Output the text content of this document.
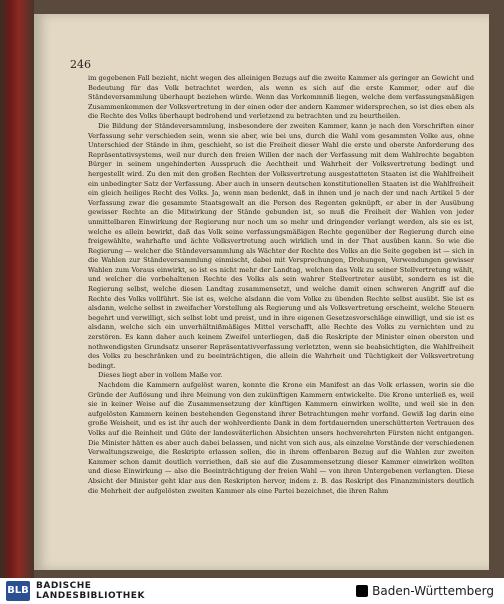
246

im gegebenen Fall bezieht, nicht wegen des alleinigen Bezugs auf die zweite Kammer als geringer an Gewicht und Bedeutung für das Volk betrachtet werden, als wenn es sich auf die erste Kammer, oder auf die Ständeversammlung überhaupt beziehen würde. Wenn das Vorkommniß liegen, welche dem verfassungsmäßigen Zusammenkommen der Volksvertretung in der einen oder der andern Kammer widersprechen, so ist dies eben als die Rechte des Volks überhaupt bedrohend und verletzend zu betrachten und zu beurtheilen.

Die Bildung der Ständeversammlung, insbesondere der zweiten Kammer, kann je nach den Vorschriften einer Verfassung sehr verschieden sein, wenn sie aber, wie bei uns, durch die Wahl vom gesammten Volke aus, ohne Unterschied der Stände in ihm, geschieht, so ist die Freiheit dieser Wahl die erste und oberste Anforderung des Repräsentativsystems, weil nur durch den freien Willen der nach der Verfassung mit dem Wahlrechte begabten Bürger in seinem ungehinderten Ausspruch die Aechtheit und Wahrheit der Volksvertretung bedingt und hergestellt wird. Zu den mit den großen Rechten der Volksvertretung ausgestatteten Staaten ist die Wahlfreiheit ein unbedingter Satz der Verfassung. Aber auch in unsern deutschen konstitutionellen Staaten ist die Wahlfreiheit ein gleich heiliges Recht des Volks. Ja, wenn man bedenkt, daß in ihnen und je nach der und nach Artikel 5 der Verfassung zwar die gesammte Staatsgewalt an die Person des Regenten geknüpft, er aber in der Ausübung gewisser Rechte an die Mitwirkung der Stände gebunden ist, so muß die Freiheit der Wahlen von jeder unmittelbaren Einwirkung der Regierung nur noch um so mehr und dringender verlangt werden, als sie es ist, welche es allein bewirkt, daß das Volk seine verfassungsmäßigen Rechte gegenüber der Regierung durch eine freigewählte, wahrhafte und ächte Volksvertretung auch wirklich und in der That ausüben kann. So wie die Regierung — welcher die Ständeversammlung als Wächter der Rechte des Volks an die Seite gegeben ist — sich in die Wahlen zur Ständeversammlung einmischt, dabei mit Versprechungen, Drohungen, Verwendungen gewisser Wahlen zum Voraus einwirkt, so ist es nicht mehr der Landtag, welchen das Volk zu seiner Stellvertretung wählt, und welcher die vorbehaltenen Rechte des Volks als sein wahrer Stellvertreter ausübt, sondern es ist die Regierung selbst, welche diesen Landtag zusammensetzt, und welche damit einen schweren Angriff auf die Rechte des Volks vollführt. Sie ist es, welche alsdann die vom Volke zu übenden Rechte selbst ausübt. Sie ist es alsdann, welche selbst in zweifacher Vorstellung als Regierung und als Volksvertretung erscheint, welche Steuern begehrt und verwilligt, sich selbst lobt und preist, und in ihre eigenen Gesetzesvorschläge einwilligt, und sie ist es alsdann, welche sich ein unverhältnißmäßiges Mittel verschafft, alle Rechte des Volks zu vernichten und zu zerstören. Es kann daher auch keinem Zweifel unterliegen, daß die Reskripte der Minister einen obersten und nothwendigsten Grundsatz unserer Repräsentativverfassung verletzten, wenn sie beabsichtigten, die Wahlfreiheit des Volks zu beschränken und zu beeinträchtigen, die allein die Wahrheit und Tüchtigkeit der Volksvertretung bedingt.

Dieses liegt aber in vollem Maße vor.

Nachdem die Kammern aufgelöst waren, konnte die Krone ein Manifest an das Volk erlassen, worin sie die Gründe der Auflösung und ihre Meinung von den zukünftigen Kammern entwickelte. Die Krone unterließ es, weil sie in keiner Weise auf die Zusammensetzung der künftigen Kammern einwirken wollte, und weil sie in den aufgelösten Kammern keinen bestehenden Gegenstand ihrer Betrachtungen mehr vorfand. Gewiß lag darin eine große Weisheit, und es ist ihr auch der wohlverdiente Dank in dem fortdauernden unerschütterten Vertrauen des Volks auf die Reinheit und Güte der landesväterlichen Absichten unsers hochverehrten Fürsten nicht entgangen. Die Minister hätten es aber auch dabei belassen, und nicht von sich aus, als einzelne Vorstände der verschiedenen Verwaltungszweige, die Reskripte erlassen sollen, die in ihrem offenbaren Bezug auf die Wahlen zur zweiten Kammer schon damit deutlich verriethen, daß sie auf die Zusammensetzung dieser Kammer einwirken wollten und diese Einwirkung — also die Beeinträchtigung der freien Wahl — von ihren Untergebenen verlangten. Diese Absicht der Minister geht klar aus den Reskripten hervor, indem z. B. das Reskript des Finanzministers deutlich die Mehrheit der aufgelösten zweiten Kammer als eine Partei bezeichnet, die ihren Rahm

BLB BADISCHE
LANDESBIBLIOTHEK	Baden-Württemberg
